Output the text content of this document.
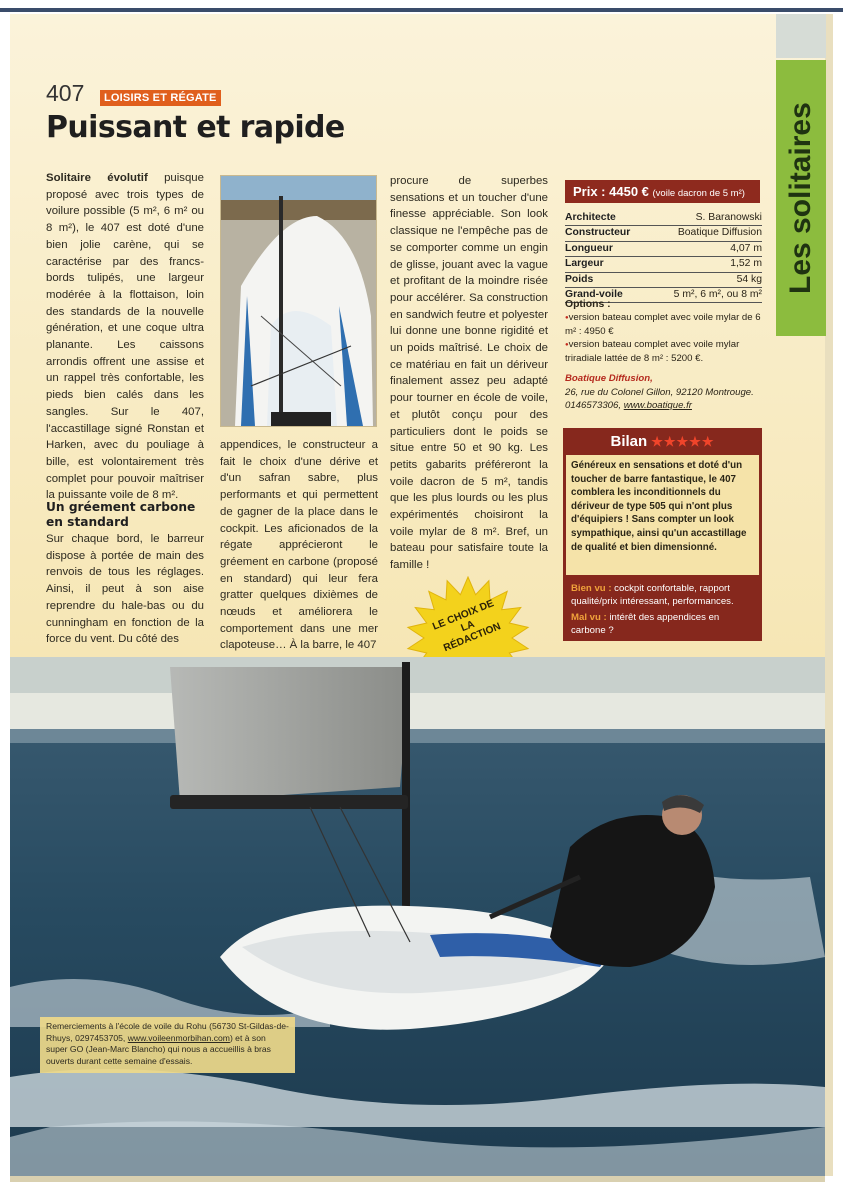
Les solitaires
407	LOISIRS ET RÉGATE
Puissant et rapide

Solitaire évolutif puisque proposé avec trois types de voilure possible (5 m², 6 m² ou 8 m²), le 407 est doté d'une bien jolie carène, qui se caractérise par des francs-bords tulipés, une largeur modérée à la flottaison, loin des standards de la nouvelle génération, et une coque ultra planante. Les caissons arrondis offrent une assise et un rappel très confortable, les pieds bien calés dans les sangles. Sur le 407, l'accastillage signé Ronstan et Harken, avec du pouliage à bille, est volontairement très complet pour pouvoir maîtriser la puissante voile de 8 m².

Un gréement carbone en standard

Sur chaque bord, le barreur dispose à portée de main des renvois de tous les réglages. Ainsi, il peut à son aise reprendre du hale-bas ou du cunningham en fonction de la force du vent. Du côté des

appendices, le constructeur a fait le choix d'une dérive et d'un safran sabre, plus performants et qui permettent de gagner de la place dans le cockpit. Les aficionados de la régate apprécieront le gréement en carbone (proposé en standard) qui leur fera gratter quelques dixièmes de nœuds et améliorera le comportement dans une mer clapoteuse… À la barre, le 407

procure de superbes sensations et un toucher d'une finesse appréciable. Son look classique ne l'empêche pas de se comporter comme un engin de glisse, jouant avec la vague et profitant de la moindre risée pour accélérer. Sa construction en sandwich feutre et polyester lui donne une bonne rigidité et un poids maîtrisé. Le choix de ce matériau en fait un dériveur finalement assez peu adapté pour tourner en école de voile, et plutôt conçu pour des particuliers dont le poids se situe entre 50 et 90 kg. Les petits gabarits préféreront la voile dacron de 5 m², tandis que les plus lourds ou les plus expérimentés choisiront la voile mylar de 8 m². Bref, un bateau pour satisfaire toute la famille !

Prix : 4450 € (voile dacron de 5 m²)
Architecte	S. Baranowski
Constructeur	Boatique Diffusion
Longueur	4,07 m
Largeur	1,52 m
Poids	54 kg
Grand-voile	5 m², 6 m², ou 8 m²
Options :
● version bateau complet avec voile mylar de 6 m² : 4950 €
● version bateau complet avec voile mylar triradiale lattée de 8 m² : 5200 €.
Boatique Diffusion,
26, rue du Colonel Gillon, 92120 Montrouge.
0146573306, www.boatique.fr
Bilan ★★★★★
Généreux en sensations et doté d'un toucher de barre fantastique, le 407 comblera les inconditionnels du dériveur de type 505 qui n'ont plus d'équipiers ! Sans compter un look sympathique, ainsi qu'un accastillage de qualité et bien dimensionné.
Bien vu : cockpit confortable, rapport qualité/prix intéressant, performances.
Mal vu : intérêt des appendices en carbone ?
LE CHOIX DE LA RÉDACTION
Remerciements à l'école de voile du Rohu (56730 St-Gildas-de-Rhuys, 0297453705, www.voileenmorbihan.com) et à son super GO (Jean-Marc Blancho) qui nous a accueillis à bras ouverts durant cette semaine d'essais.
